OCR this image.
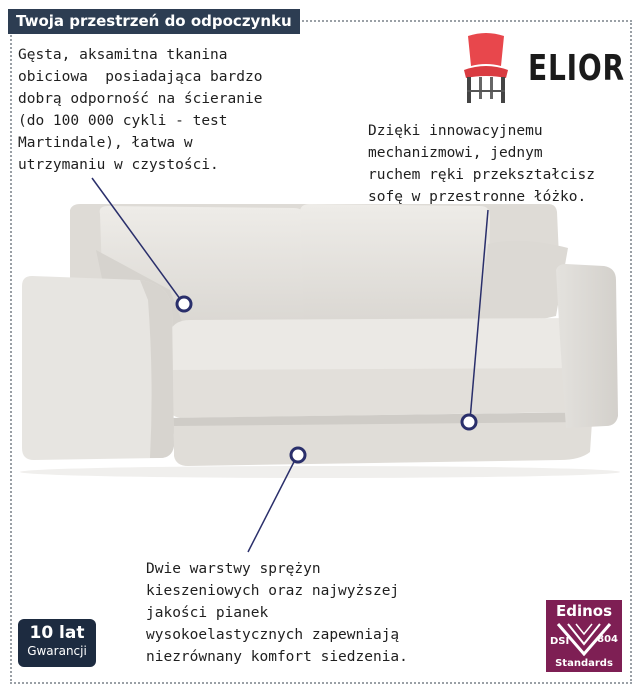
Twoja przestrzeń do odpoczynku
ELIOR
Gęsta, aksamitna tkanina
obiciowa  posiadająca bardzo
dobrą odporność na ścieranie
(do 100 000 cykli - test
Martindale), łatwa w
utrzymaniu w czystości.
Dzięki innowacyjnemu
mechanizmowi, jednym
ruchem ręki przekształcisz
sofę w przestronne łóżko.
Dwie warstwy sprężyn
kieszeniowych oraz najwyższej
jakości pianek
wysokoelastycznych zapewniają
niezrównany komfort siedzenia.
10 lat
Gwarancji
Edinos
DSI	804
Standards
